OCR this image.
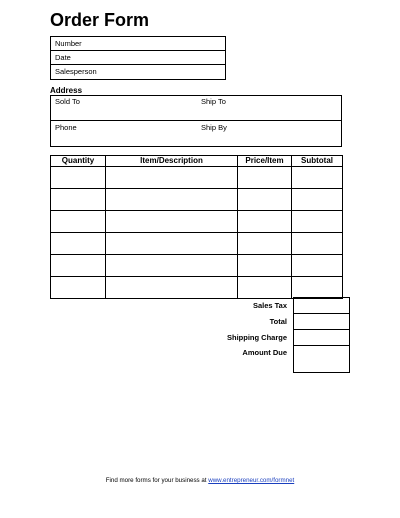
Order Form
Number
Date
Salesperson
Address
Sold To	Ship To
Phone	Ship By
Quantity	Item/Description	Price/Item	Subtotal

Sales Tax	
Total	
Shipping Charge	
Amount Due	
Find more forms for your business at www.entrepreneur.com/formnet
